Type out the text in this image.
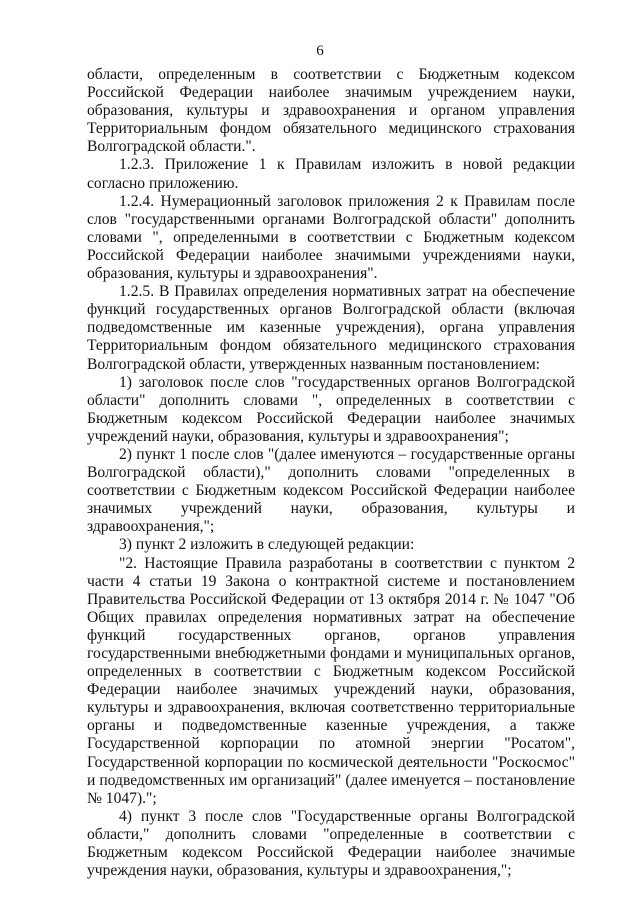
6

области, определенным в соответствии с Бюджетным кодексом Российской Федерации наиболее значимым учреждением науки, образования, культуры и здравоохранения и органом управления Территориальным фондом обязательного медицинского страхования Волгоградской области.".

1.2.3. Приложение 1 к Правилам изложить в новой редакции согласно приложению.

1.2.4. Нумерационный заголовок приложения 2 к Правилам после слов "государственными органами Волгоградской области" дополнить словами ", определенными в соответствии с Бюджетным кодексом Российской Федерации наиболее значимыми учреждениями науки, образования, культуры и здравоохранения".

1.2.5. В Правилах определения нормативных затрат на обеспечение функций государственных органов Волгоградской области (включая подведомственные им казенные учреждения), органа управления Территориальным фондом обязательного медицинского страхования Волгоградской области, утвержденных названным постановлением:

1) заголовок после слов "государственных органов Волгоградской области" дополнить словами ", определенных в соответствии с Бюджетным кодексом Российской Федерации наиболее значимых учреждений науки, образования, культуры и здравоохранения";

2) пункт 1 после слов "(далее именуются – государственные органы Волгоградской области)," дополнить словами "определенных в соответствии с Бюджетным кодексом Российской Федерации наиболее значимых учреждений науки, образования, культуры и здравоохранения,";

3) пункт 2 изложить в следующей редакции:

"2. Настоящие Правила разработаны в соответствии с пунктом 2 части 4 статьи 19 Закона о контрактной системе и постановлением Правительства Российской Федерации от 13 октября 2014 г. № 1047 "Об Общих правилах определения нормативных затрат на обеспечение функций государственных органов, органов управления государственными внебюджетными фондами и муниципальных органов, определенных в соответствии с Бюджетным кодексом Российской Федерации наиболее значимых учреждений науки, образования, культуры и здравоохранения, включая соответственно территориальные органы и подведомственные казенные учреждения, а также Государственной корпорации по атомной энергии "Росатом", Государственной корпорации по космической деятельности "Роскосмос" и подведомственных им организаций" (далее именуется – постановление № 1047).";

4) пункт 3 после слов "Государственные органы Волгоградской области," дополнить словами "определенные в соответствии с Бюджетным кодексом Российской Федерации наиболее значимые учреждения науки, образования, культуры и здравоохранения,";
